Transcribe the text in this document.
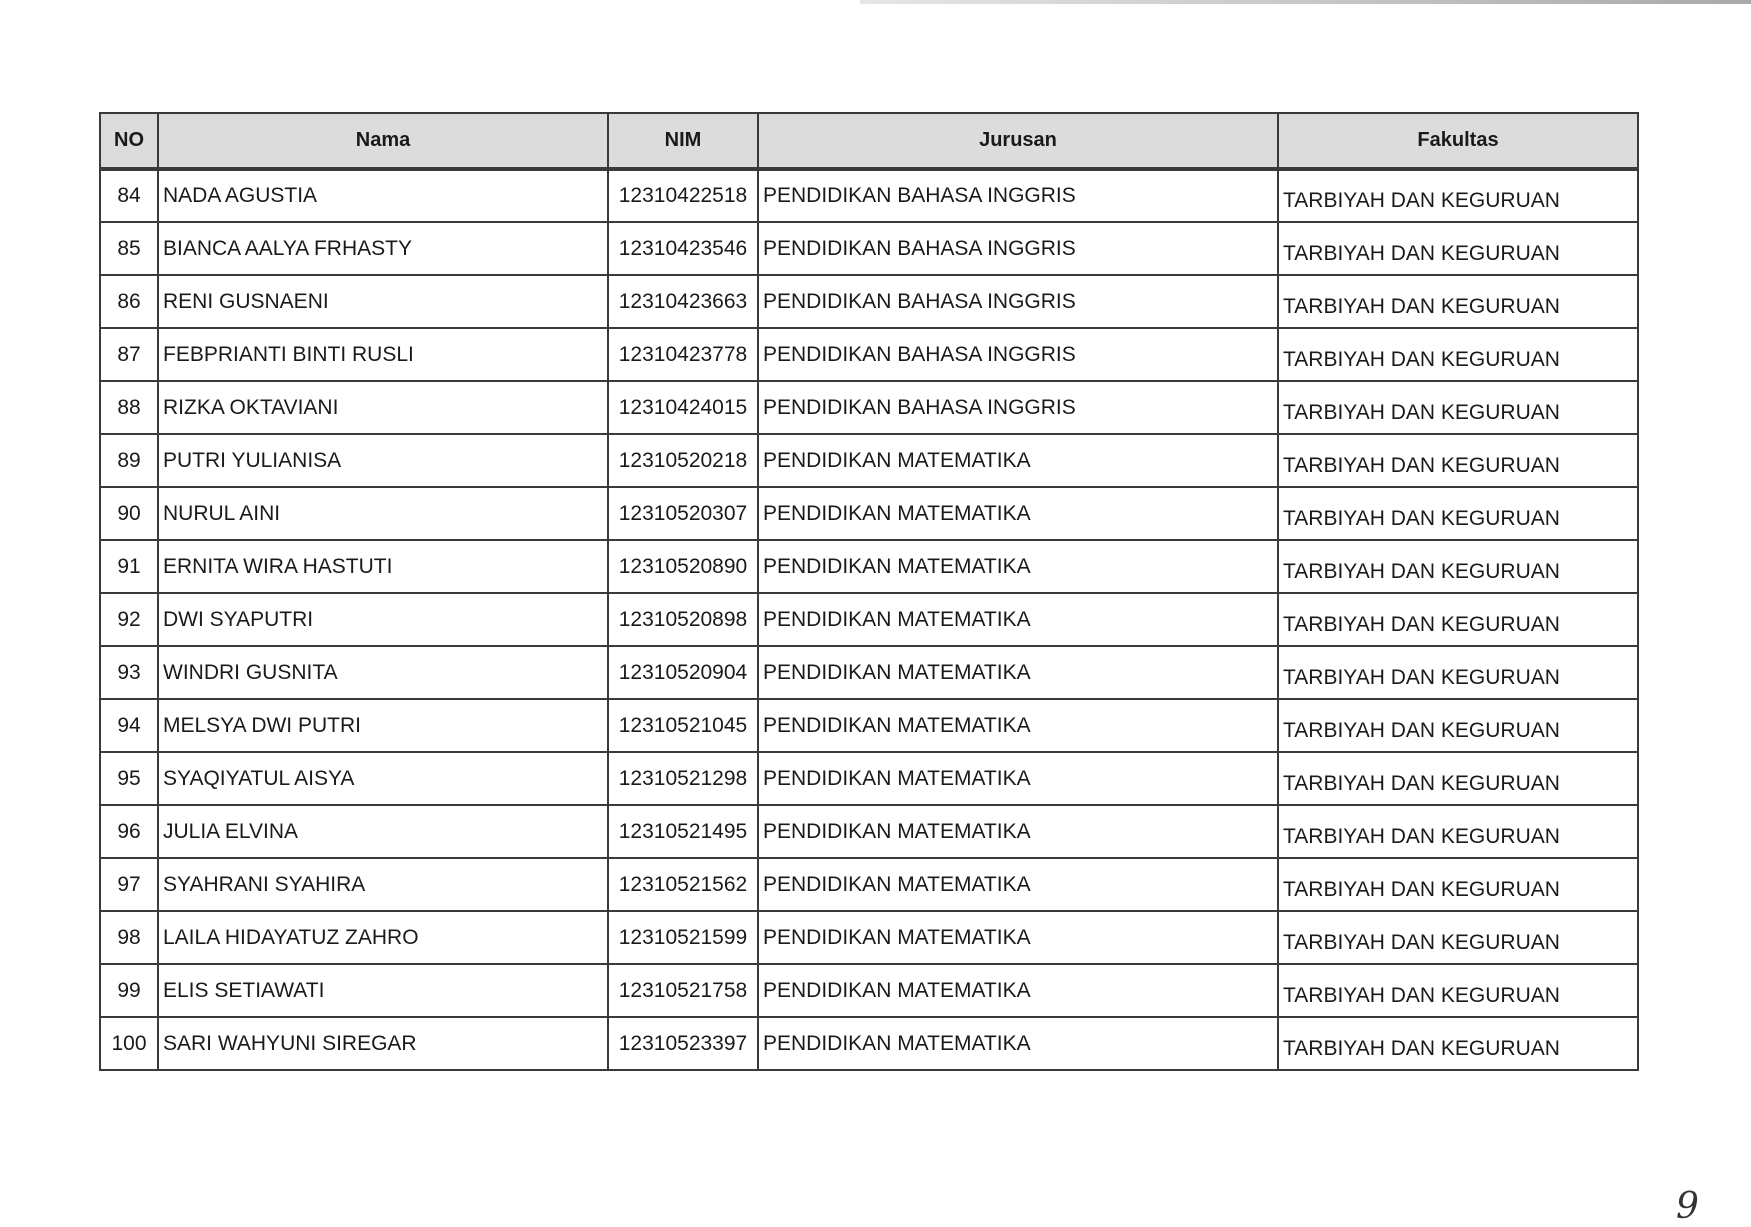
NO	Nama	NIM	Jurusan	Fakultas
84	NADA AGUSTIA	12310422518	PENDIDIKAN BAHASA INGGRIS	TARBIYAH DAN KEGURUAN
85	BIANCA AALYA FRHASTY	12310423546	PENDIDIKAN BAHASA INGGRIS	TARBIYAH DAN KEGURUAN
86	RENI GUSNAENI	12310423663	PENDIDIKAN BAHASA INGGRIS	TARBIYAH DAN KEGURUAN
87	FEBPRIANTI BINTI RUSLI	12310423778	PENDIDIKAN BAHASA INGGRIS	TARBIYAH DAN KEGURUAN
88	RIZKA OKTAVIANI	12310424015	PENDIDIKAN BAHASA INGGRIS	TARBIYAH DAN KEGURUAN
89	PUTRI YULIANISA	12310520218	PENDIDIKAN MATEMATIKA	TARBIYAH DAN KEGURUAN
90	NURUL AINI	12310520307	PENDIDIKAN MATEMATIKA	TARBIYAH DAN KEGURUAN
91	ERNITA WIRA HASTUTI	12310520890	PENDIDIKAN MATEMATIKA	TARBIYAH DAN KEGURUAN
92	DWI SYAPUTRI	12310520898	PENDIDIKAN MATEMATIKA	TARBIYAH DAN KEGURUAN
93	WINDRI GUSNITA	12310520904	PENDIDIKAN MATEMATIKA	TARBIYAH DAN KEGURUAN
94	MELSYA DWI PUTRI	12310521045	PENDIDIKAN MATEMATIKA	TARBIYAH DAN KEGURUAN
95	SYAQIYATUL AISYA	12310521298	PENDIDIKAN MATEMATIKA	TARBIYAH DAN KEGURUAN
96	JULIA ELVINA	12310521495	PENDIDIKAN MATEMATIKA	TARBIYAH DAN KEGURUAN
97	SYAHRANI SYAHIRA	12310521562	PENDIDIKAN MATEMATIKA	TARBIYAH DAN KEGURUAN
98	LAILA HIDAYATUZ ZAHRO	12310521599	PENDIDIKAN MATEMATIKA	TARBIYAH DAN KEGURUAN
99	ELIS SETIAWATI	12310521758	PENDIDIKAN MATEMATIKA	TARBIYAH DAN KEGURUAN
100	SARI WAHYUNI SIREGAR	12310523397	PENDIDIKAN MATEMATIKA	TARBIYAH DAN KEGURUAN
9
